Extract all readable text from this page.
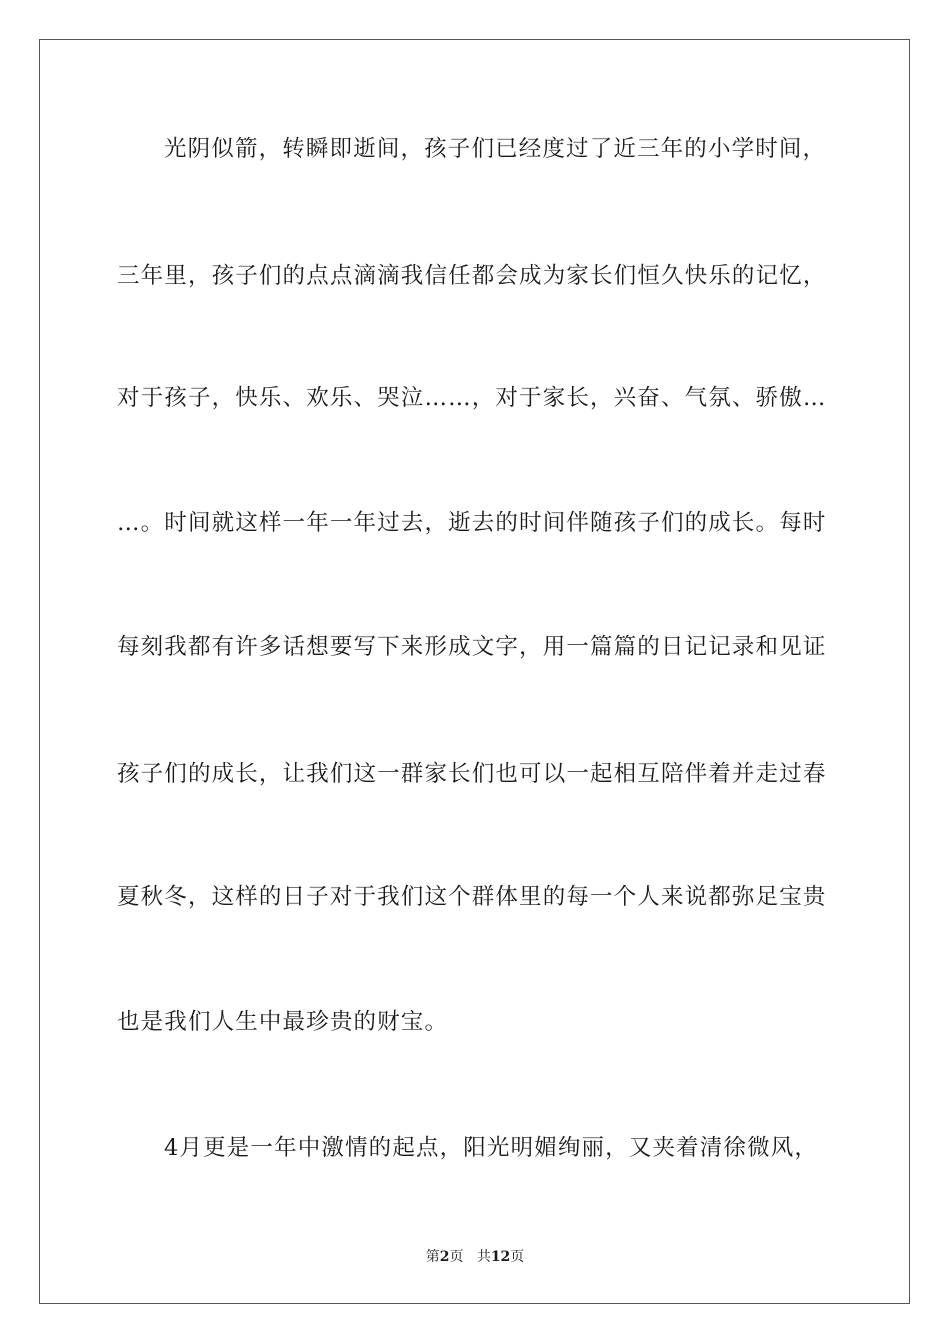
光阴似箭，转瞬即逝间，孩子们已经度过了近三年的小学时间，
三年里，孩子们的点点滴滴我信任都会成为家长们恒久快乐的记忆，
对于孩子，快乐、欢乐、哭泣……，对于家长，兴奋、气氛、骄傲…
…。时间就这样一年一年过去，逝去的时间伴随孩子们的成长。每时
每刻我都有许多话想要写下来形成文字，用一篇篇的日记记录和见证
孩子们的成长，让我们这一群家长们也可以一起相互陪伴着并走过春
夏秋冬，这样的日子对于我们这个群体里的每一个人来说都弥足宝贵
也是我们人生中最珍贵的财宝。
4月更是一年中激情的起点，阳光明媚绚丽，又夹着清徐微风，
第2页 共12页
